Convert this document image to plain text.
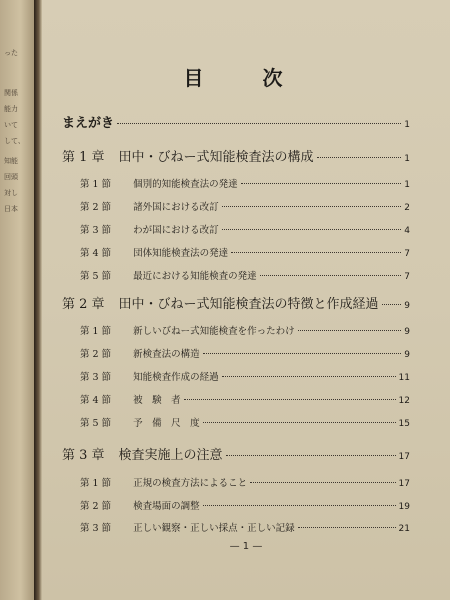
った
関係
能力
いて
して、
知能
回頭
対し
日本
目 次
まえがき	1
第 1 章 田中・びねー式知能検査法の構成	1
第 1 節 個別的知能検査法の発達	1
第 2 節 諸外国における改訂	2
第 3 節 わが国における改訂	4
第 4 節 団体知能検査法の発達	7
第 5 節 最近における知能検査の発達	7
第 2 章 田中・びねー式知能検査法の特徴と作成経過	9
第 1 節 新しいびねー式知能検査を作ったわけ	9
第 2 節 新検査法の構造	9
第 3 節 知能検査作成の経過	11
第 4 節 被　験　者	12
第 5 節 予　備　尺　度	15
第 3 章 検査実施上の注意	17
第 1 節 正規の検査方法によること	17
第 2 節 検査場面の調整	19
第 3 節 正しい観察・正しい採点・正しい記録	21
— 1 —
